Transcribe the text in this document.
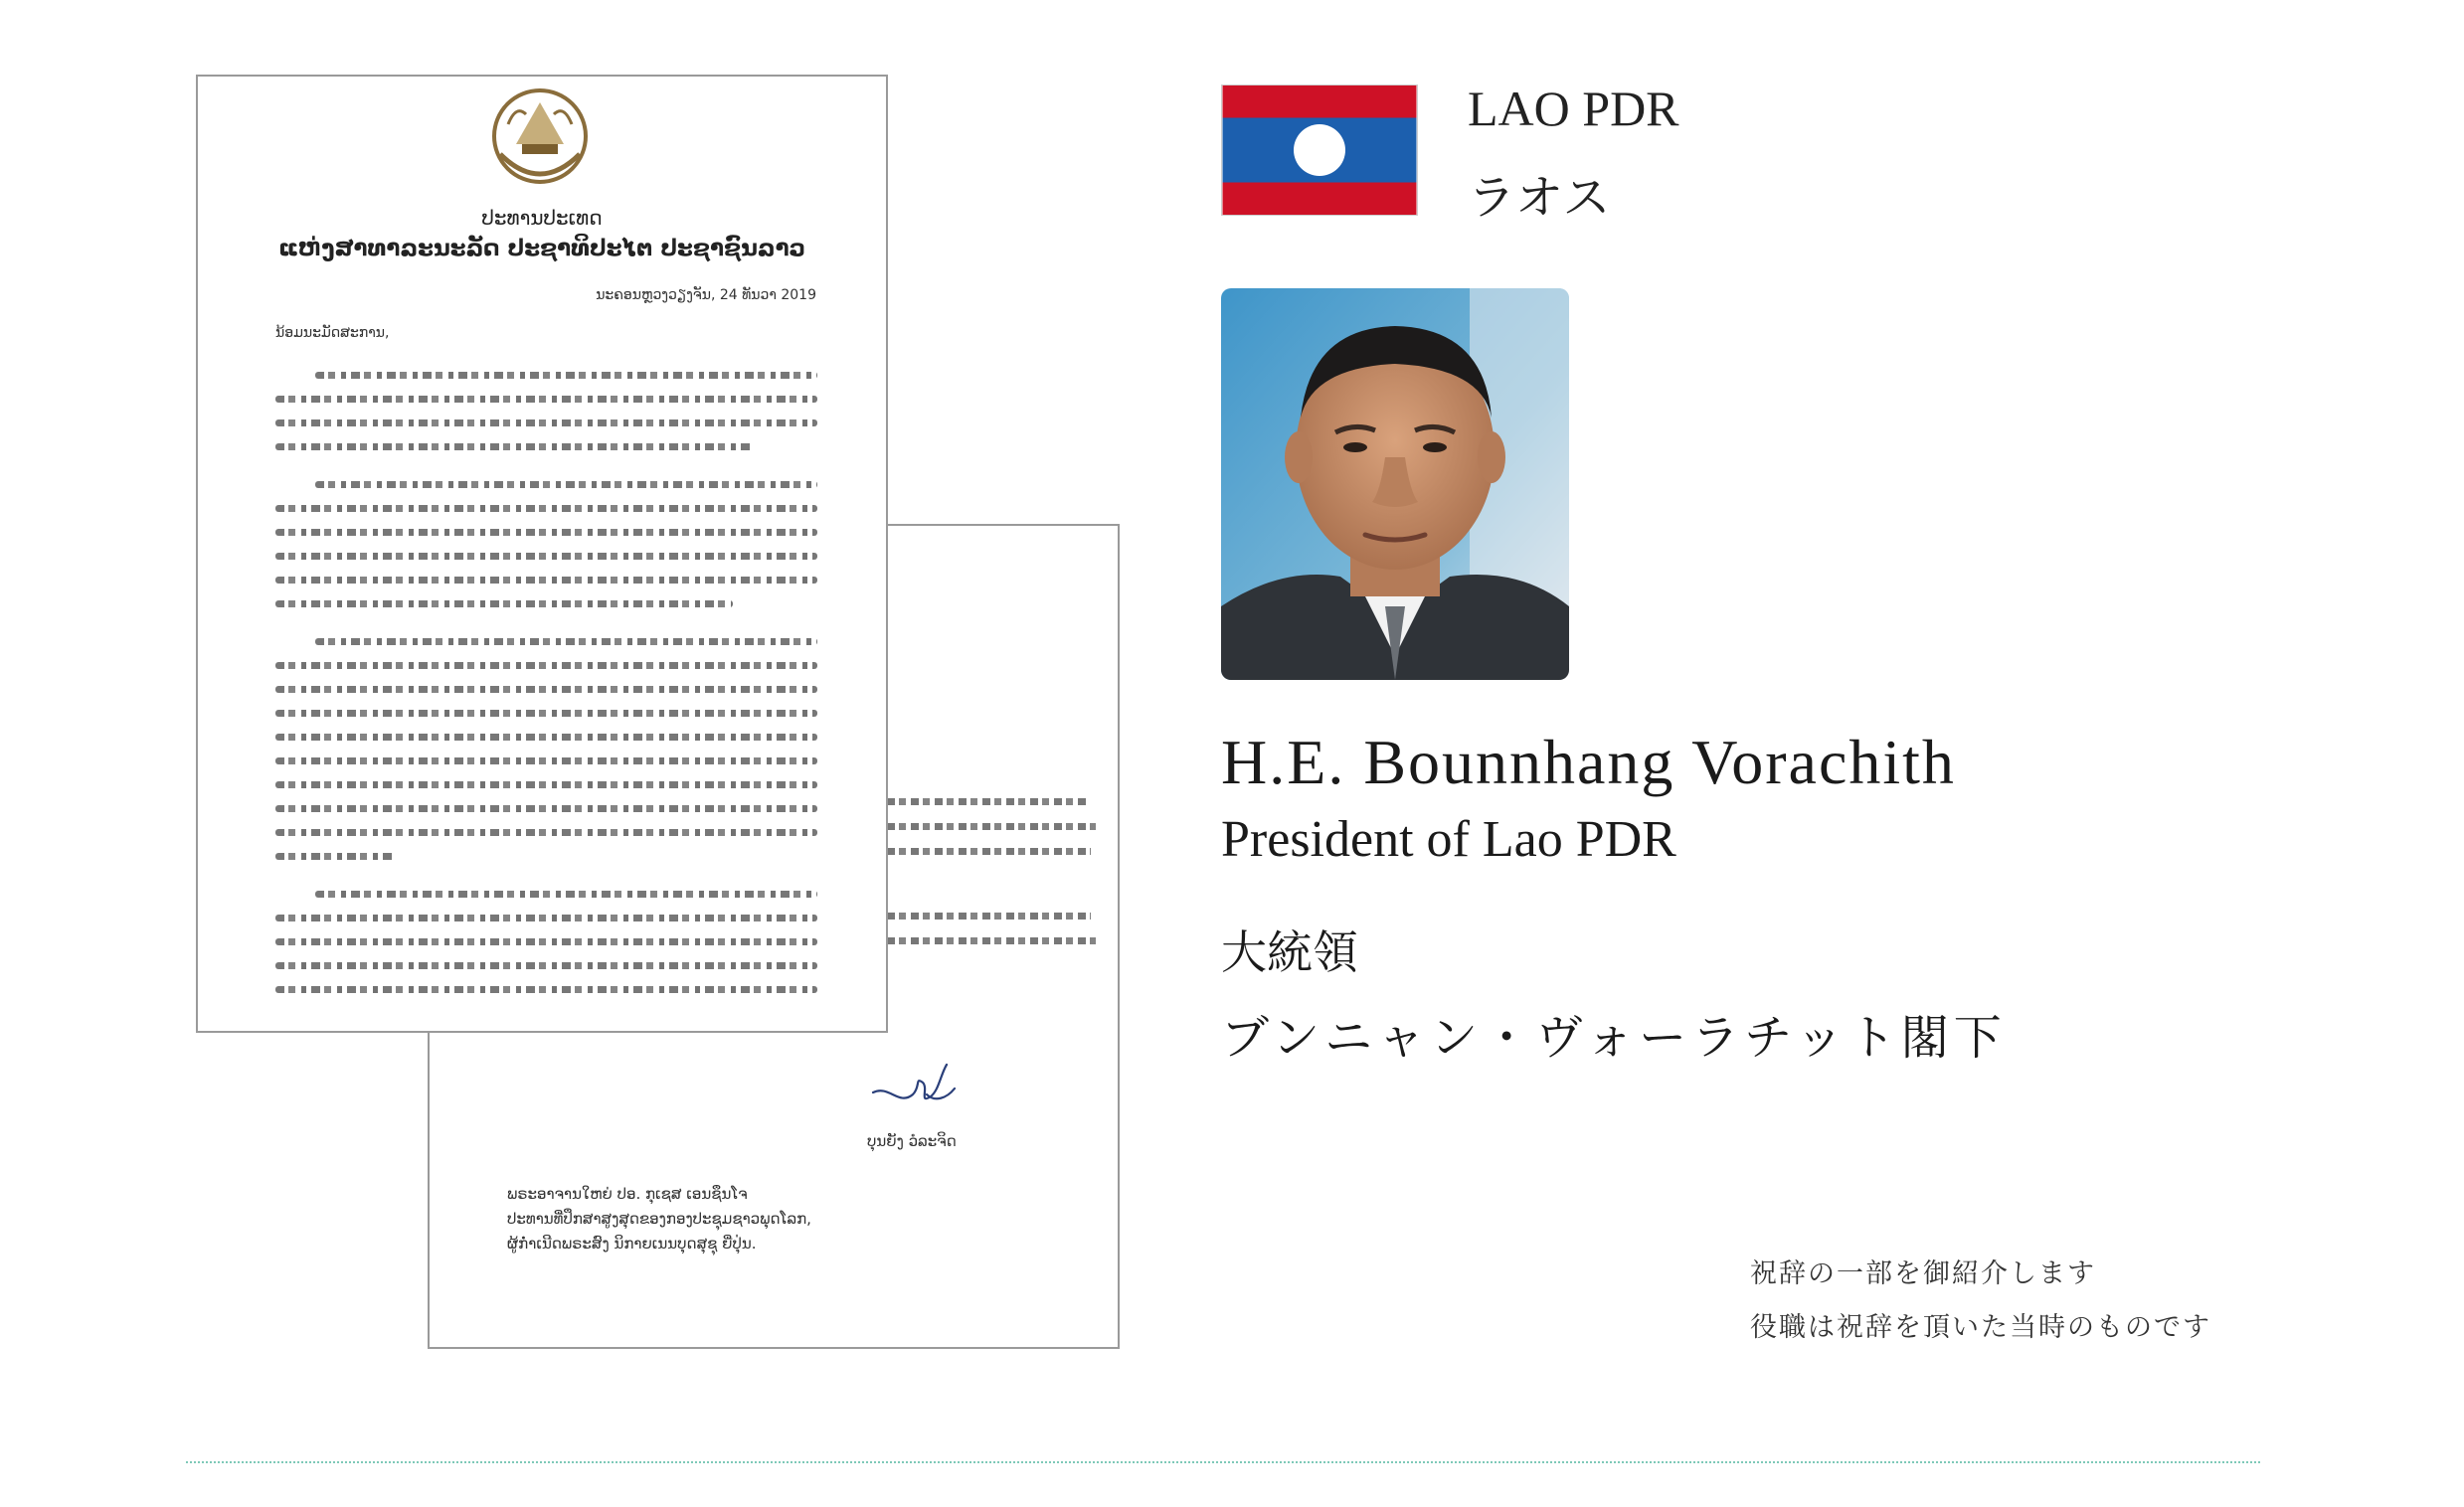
ບຸນຍັງ ວໍລະຈິດ
ພຣະອາຈານໃຫຍ່ ປອ. ກຸເຊສ ເອນຊຶນໂຈ
ປະທານທີ່ປຶກສາສູງສຸດຂອງກອງປະຊຸມຊາວພຸດໂລກ,
ຜູ້ກໍ່າເນີດພຣະສົງ ນິກາຍເນນບຸດສຸຊຸ ຍີ່ປຸ່ນ.
ປະທານປະເທດ
ແຫ່ງສາທາລະນະລັດ ປະຊາທິປະໄຕ ປະຊາຊົນລາວ
ນະຄອນຫຼວງວຽງຈັນ, 24 ທັນວາ 2019
ນ້ອມນະມັດສະການ,
LAO PDR
ラオス
H.E. Bounnhang Vorachith
President of Lao PDR
大統領
ブンニャン・ヴォーラチット閣下
祝辞の一部を御紹介します
役職は祝辞を頂いた当時のものです
